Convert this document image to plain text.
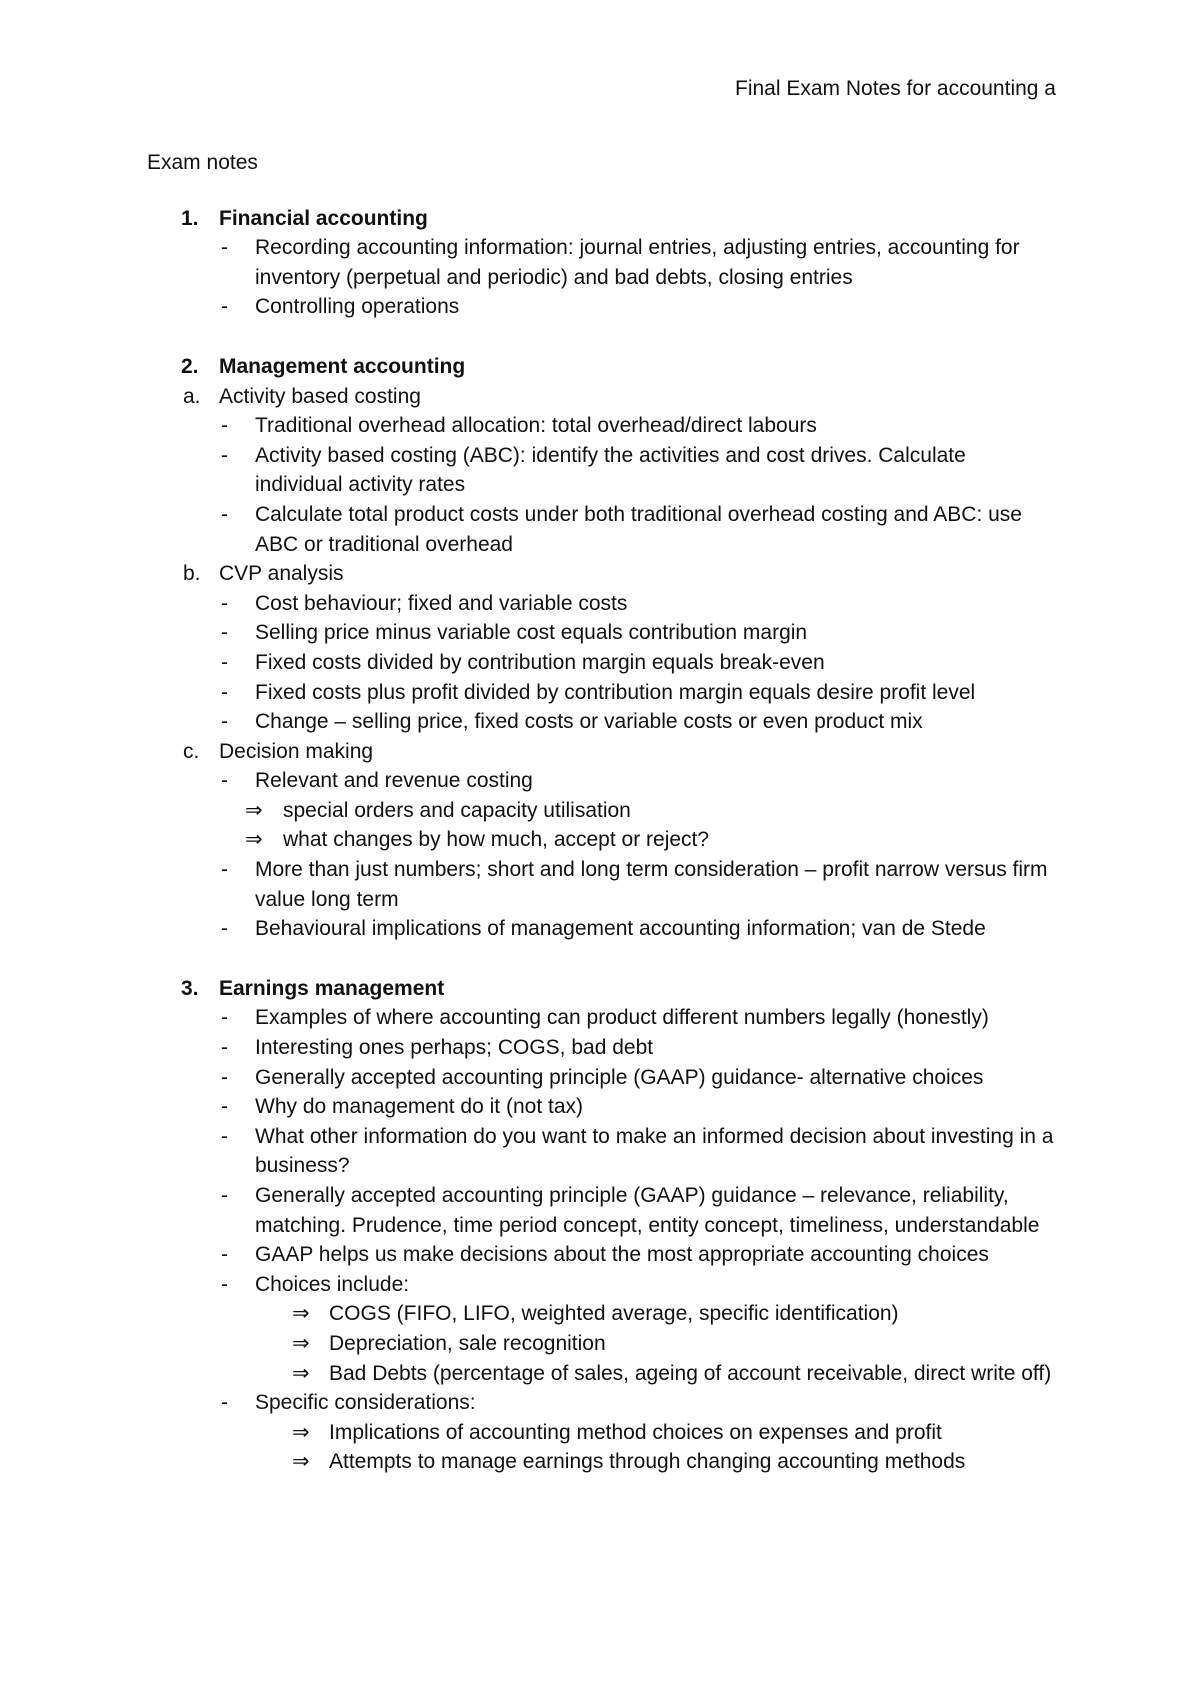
Final Exam Notes for accounting a
Exam notes
1. Financial accounting
-	Recording accounting information: journal entries, adjusting entries, accounting for inventory (perpetual and periodic) and bad debts, closing entries
-	Controlling operations
2. Management accounting
a. Activity based costing
-	Traditional overhead allocation: total overhead/direct labours
-	Activity based costing (ABC): identify the activities and cost drives. Calculate individual activity rates
-	Calculate total product costs under both traditional overhead costing and ABC: use ABC or traditional overhead
b. CVP analysis
-	Cost behaviour; fixed and variable costs
-	Selling price minus variable cost equals contribution margin
-	Fixed costs divided by contribution margin equals break-even
-	Fixed costs plus profit divided by contribution margin equals desire profit level
-	Change – selling price, fixed costs or variable costs or even product mix
c. Decision making
-	Relevant and revenue costing
⇒ special orders and capacity utilisation
⇒ what changes by how much, accept or reject?
-	More than just numbers; short and long term consideration – profit narrow versus firm value long term
-	Behavioural implications of management accounting information; van de Stede
3. Earnings management
-	Examples of where accounting can product different numbers legally (honestly)
-	Interesting ones perhaps; COGS, bad debt
-	Generally accepted accounting principle (GAAP) guidance- alternative choices
-	Why do management do it (not tax)
-	What other information do you want to make an informed decision about investing in a business?
-	Generally accepted accounting principle (GAAP) guidance – relevance, reliability, matching. Prudence, time period concept, entity concept, timeliness, understandable
-	GAAP helps us make decisions about the most appropriate accounting choices
-	Choices include:
⇒ COGS (FIFO, LIFO, weighted average, specific identification)
⇒ Depreciation, sale recognition
⇒ Bad Debts (percentage of sales, ageing of account receivable, direct write off)
-	Specific considerations:
⇒ Implications of accounting method choices on expenses and profit
⇒ Attempts to manage earnings through changing accounting methods
